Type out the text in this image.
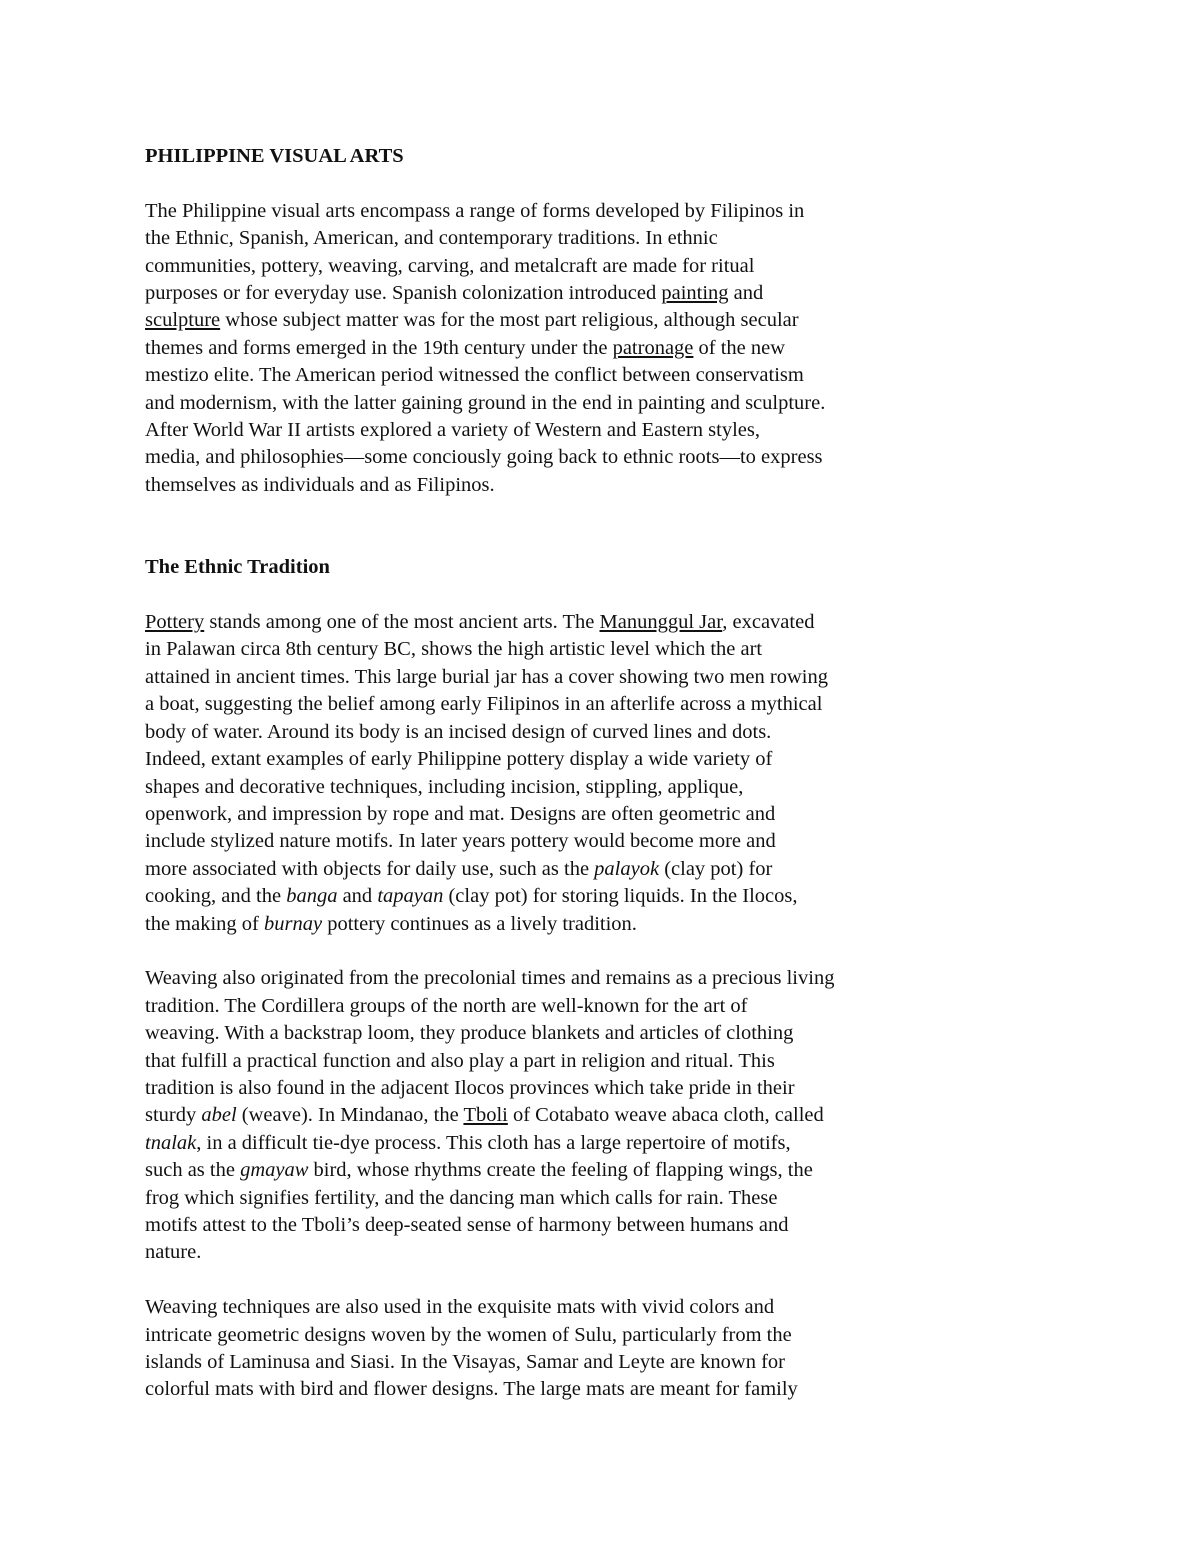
PHILIPPINE VISUAL ARTS
The Philippine visual arts encompass a range of forms developed by Filipinos in
the Ethnic, Spanish, American, and contemporary traditions. In ethnic
communities, pottery, weaving, carving, and metalcraft are made for ritual
purposes or for everyday use. Spanish colonization introduced painting and
sculpture whose subject matter was for the most part religious, although secular
themes and forms emerged in the 19th century under the patronage of the new
mestizo elite. The American period witnessed the conflict between conservatism
and modernism, with the latter gaining ground in the end in painting and sculpture.
After World War II artists explored a variety of Western and Eastern styles,
media, and philosophies—some conciously going back to ethnic roots—to express
themselves as individuals and as Filipinos.
The Ethnic Tradition
Pottery stands among one of the most ancient arts. The Manunggul Jar, excavated
in Palawan circa 8th century BC, shows the high artistic level which the art
attained in ancient times. This large burial jar has a cover showing two men rowing
a boat, suggesting the belief among early Filipinos in an afterlife across a mythical
body of water. Around its body is an incised design of curved lines and dots.
Indeed, extant examples of early Philippine pottery display a wide variety of
shapes and decorative techniques, including incision, stippling, applique,
openwork, and impression by rope and mat. Designs are often geometric and
include stylized nature motifs. In later years pottery would become more and
more associated with objects for daily use, such as the palayok (clay pot) for
cooking, and the banga and tapayan (clay pot) for storing liquids. In the Ilocos,
the making of burnay pottery continues as a lively tradition.
Weaving also originated from the precolonial times and remains as a precious living
tradition. The Cordillera groups of the north are well-known for the art of
weaving. With a backstrap loom, they produce blankets and articles of clothing
that fulfill a practical function and also play a part in religion and ritual. This
tradition is also found in the adjacent Ilocos provinces which take pride in their
sturdy abel (weave). In Mindanao, the Tboli of Cotabato weave abaca cloth, called
tnalak, in a difficult tie-dye process. This cloth has a large repertoire of motifs,
such as the gmayaw bird, whose rhythms create the feeling of flapping wings, the
frog which signifies fertility, and the dancing man which calls for rain. These
motifs attest to the Tboli’s deep-seated sense of harmony between humans and
nature.
Weaving techniques are also used in the exquisite mats with vivid colors and
intricate geometric designs woven by the women of Sulu, particularly from the
islands of Laminusa and Siasi. In the Visayas, Samar and Leyte are known for
colorful mats with bird and flower designs. The large mats are meant for family
